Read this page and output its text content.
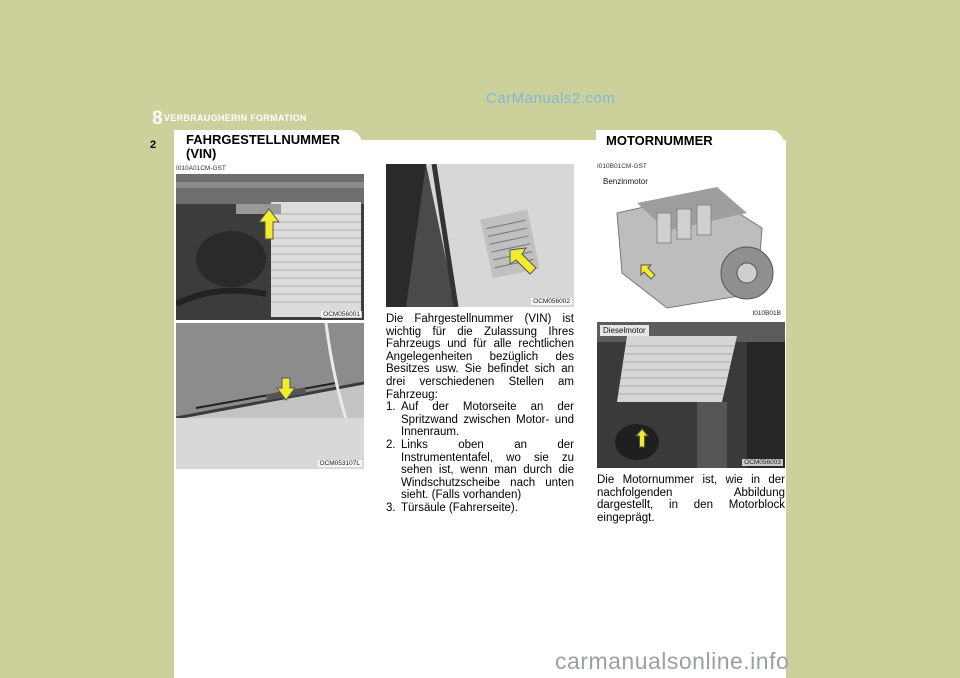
8 VERBRAUGHERIN FORMATION
CarManuals2.com
2 FAHRGESTELLNUMMER (VIN)
MOTORNUMMER
I010A01CM-GST
OCM056001
OCM053107L
OCM056002

Die Fahrgestellnummer (VIN) ist wichtig für die Zulassung Ihres Fahrzeugs und für alle rechtlichen Angelegenheiten bezüglich des Besitzes usw. Sie befindet sich an drei verschiedenen Stellen am Fahrzeug:

1. Auf der Motorseite an der Spritzwand zwischen Motor- und Innenraum.
2. Links oben an der Instrumententafel, wo sie zu sehen ist, wenn man durch die Windschutzscheibe nach unten sieht. (Falls vorhanden)
3. Türsäule (Fahrerseite).
I010B01CM-GST
Benzinmotor
I010B01B
Dieselmotor
OCM056003
Die Motornummer ist, wie in der nachfolgenden Abbildung dargestellt, in den Motorblock eingeprägt.
carmanualsonline.info
